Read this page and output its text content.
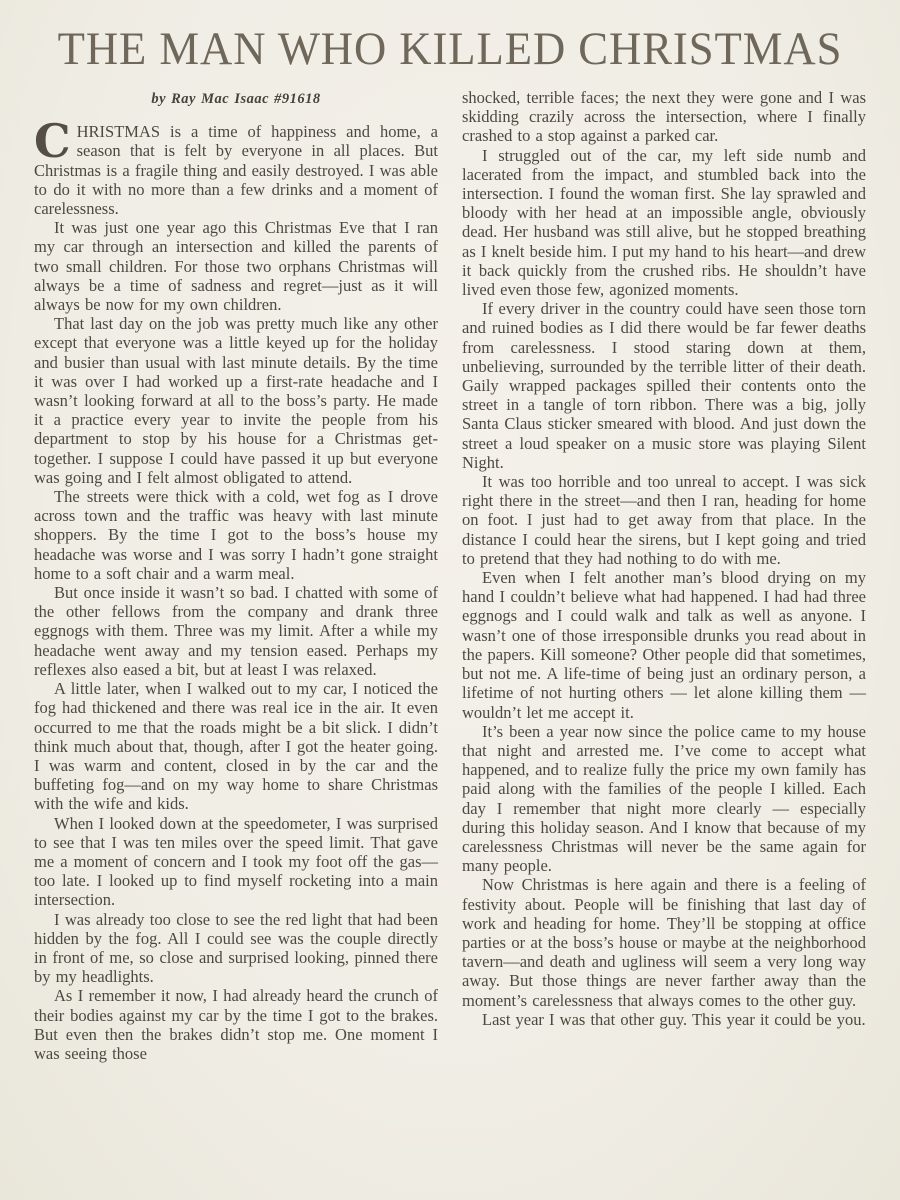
THE MAN WHO KILLED CHRISTMAS
by Ray Mac Isaac #91618

CHRISTMAS is a time of happiness and home, a season that is felt by everyone in all places. But Christmas is a fragile thing and easily destroyed. I was able to do it with no more than a few drinks and a moment of carelessness.

It was just one year ago this Christmas Eve that I ran my car through an intersection and killed the parents of two small children. For those two orphans Christmas will always be a time of sadness and regret—just as it will always be now for my own children.

That last day on the job was pretty much like any other except that everyone was a little keyed up for the holiday and busier than usual with last minute details. By the time it was over I had worked up a first-rate headache and I wasn’t looking forward at all to the boss’s party. He made it a practice every year to invite the people from his department to stop by his house for a Christmas get-together. I suppose I could have passed it up but everyone was going and I felt almost obligated to attend.

The streets were thick with a cold, wet fog as I drove across town and the traffic was heavy with last minute shoppers. By the time I got to the boss’s house my headache was worse and I was sorry I hadn’t gone straight home to a soft chair and a warm meal.

But once inside it wasn’t so bad. I chatted with some of the other fellows from the company and drank three eggnogs with them. Three was my limit. After a while my headache went away and my tension eased. Perhaps my reflexes also eased a bit, but at least I was relaxed.

A little later, when I walked out to my car, I noticed the fog had thickened and there was real ice in the air. It even occurred to me that the roads might be a bit slick. I didn’t think much about that, though, after I got the heater going. I was warm and content, closed in by the car and the buffeting fog—and on my way home to share Christmas with the wife and kids.

When I looked down at the speedometer, I was surprised to see that I was ten miles over the speed limit. That gave me a moment of concern and I took my foot off the gas—too late. I looked up to find myself rocketing into a main intersection.

I was already too close to see the red light that had been hidden by the fog. All I could see was the couple directly in front of me, so close and surprised looking, pinned there by my headlights.

As I remember it now, I had already heard the crunch of their bodies against my car by the time I got to the brakes. But even then the brakes didn’t stop me. One moment I was seeing those

shocked, terrible faces; the next they were gone and I was skidding crazily across the intersection, where I finally crashed to a stop against a parked car.

I struggled out of the car, my left side numb and lacerated from the impact, and stumbled back into the intersection. I found the woman first. She lay sprawled and bloody with her head at an impossible angle, obviously dead. Her husband was still alive, but he stopped breathing as I knelt beside him. I put my hand to his heart—and drew it back quickly from the crushed ribs. He shouldn’t have lived even those few, agonized moments.

If every driver in the country could have seen those torn and ruined bodies as I did there would be far fewer deaths from carelessness. I stood staring down at them, unbelieving, surrounded by the terrible litter of their death. Gaily wrapped packages spilled their contents onto the street in a tangle of torn ribbon. There was a big, jolly Santa Claus sticker smeared with blood. And just down the street a loud speaker on a music store was playing Silent Night.

It was too horrible and too unreal to accept. I was sick right there in the street—and then I ran, heading for home on foot. I just had to get away from that place. In the distance I could hear the sirens, but I kept going and tried to pretend that they had nothing to do with me.

Even when I felt another man’s blood drying on my hand I couldn’t believe what had happened. I had had three eggnogs and I could walk and talk as well as anyone. I wasn’t one of those irresponsible drunks you read about in the papers. Kill someone? Other people did that sometimes, but not me. A life-time of being just an ordinary person, a lifetime of not hurting others — let alone killing them — wouldn’t let me accept it.

It’s been a year now since the police came to my house that night and arrested me. I’ve come to accept what happened, and to realize fully the price my own family has paid along with the families of the people I killed. Each day I remember that night more clearly — especially during this holiday season. And I know that because of my carelessness Christmas will never be the same again for many people.

Now Christmas is here again and there is a feeling of festivity about. People will be finishing that last day of work and heading for home. They’ll be stopping at office parties or at the boss’s house or maybe at the neighborhood tavern—and death and ugliness will seem a very long way away. But those things are never farther away than the moment’s carelessness that always comes to the other guy.

Last year I was that other guy. This year it could be you.
